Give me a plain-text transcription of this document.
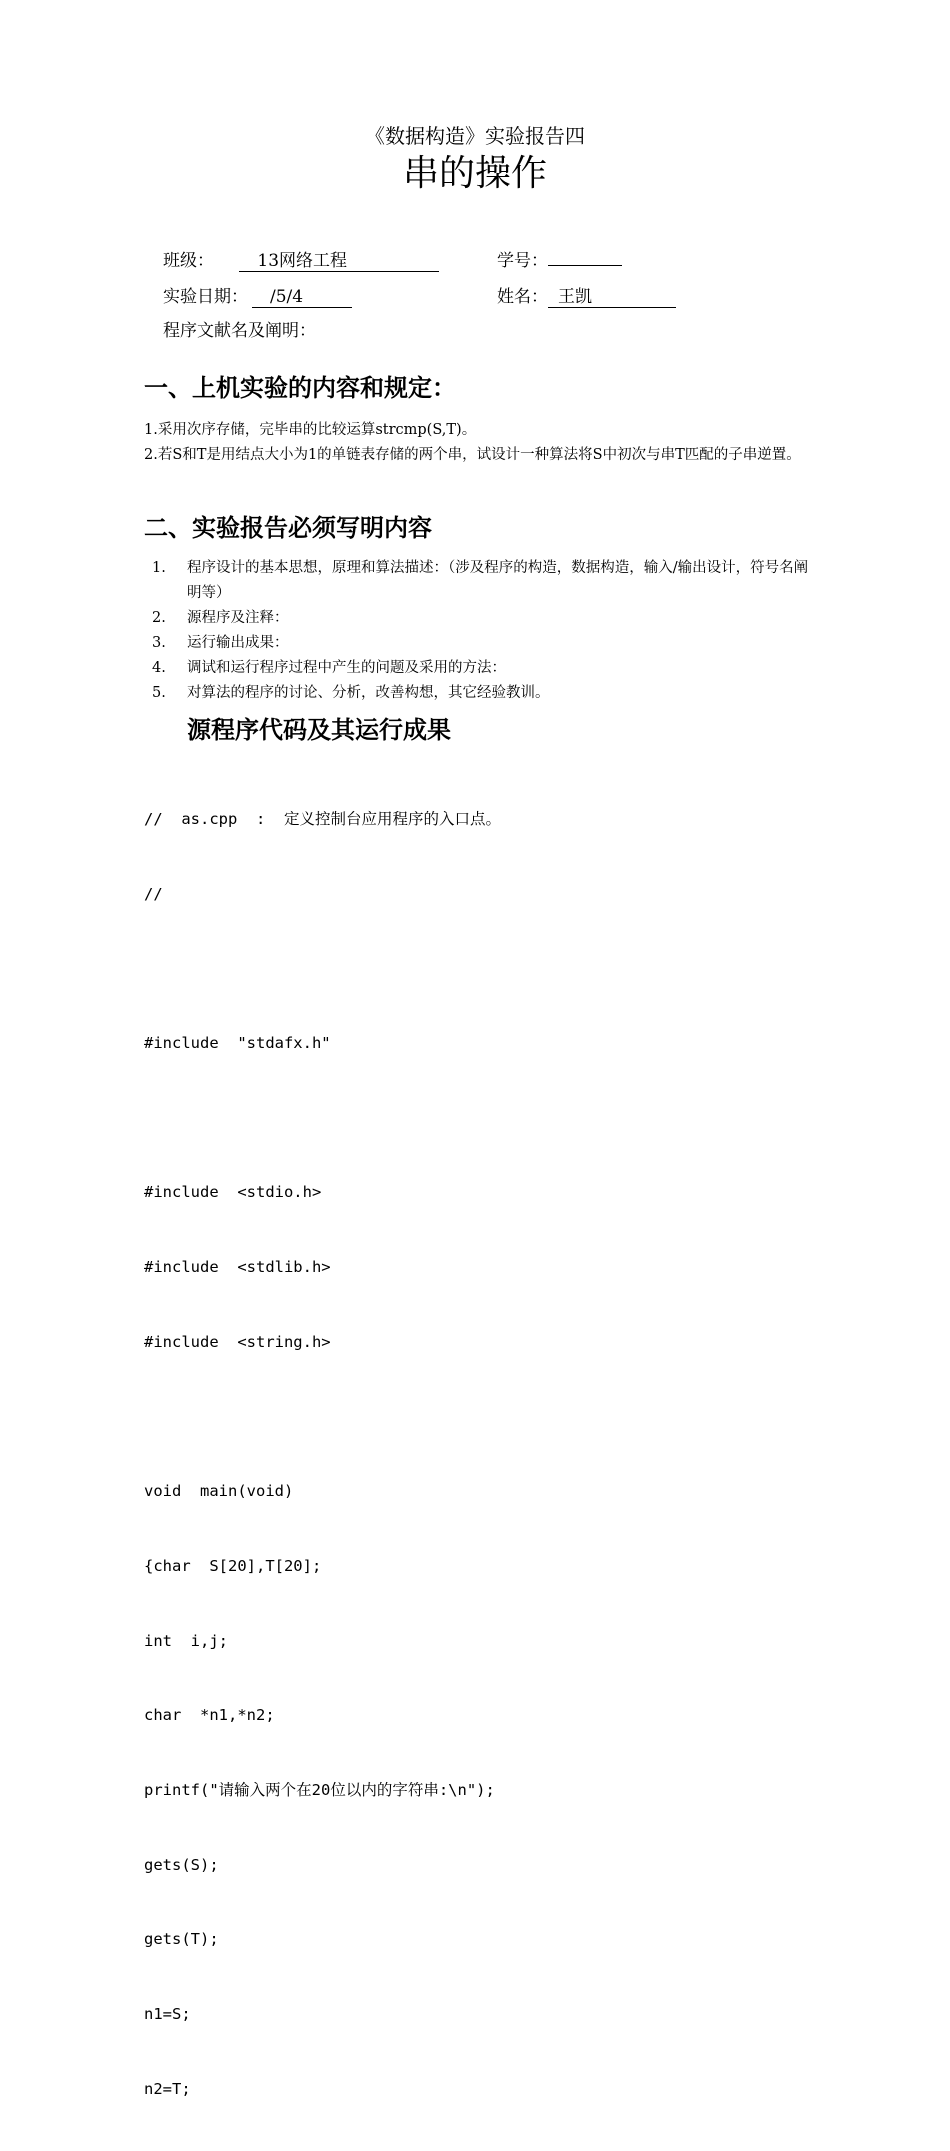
《数据构造》实验报告四
串的操作
班级：	13网络工程	学号：
实验日期： /5/4	姓名： 王凯
程序文献名及阐明：
一、上机实验的内容和规定：
1.采用次序存储，完毕串的比较运算strcmp(S,T)。
2.若S和T是用结点大小为1的单链表存储的两个串，试设计一种算法将S中初次与串T匹配的子串逆置。
二、实验报告必须写明内容
1. 程序设计的基本思想，原理和算法描述：（涉及程序的构造，数据构造，输入/输出设计，符号名阐明等）
2. 源程序及注释：
3. 运行输出成果：
4. 调试和运行程序过程中产生的问题及采用的方法：
5. 对算法的程序的讨论、分析，改善构想，其它经验教训。
源程序代码及其运行成果

//  as.cpp  :  定义控制台应用程序的入口点。

//

#include  "stdafx.h"

#include  <stdio.h>

#include  <stdlib.h>

#include  <string.h>

void  main(void)

{char  S[20],T[20];

int  i,j;

char  *n1,*n2;

printf("请输入两个在20位以内的字符串:\n");

gets(S);

gets(T);

n1=S;

n2=T;
